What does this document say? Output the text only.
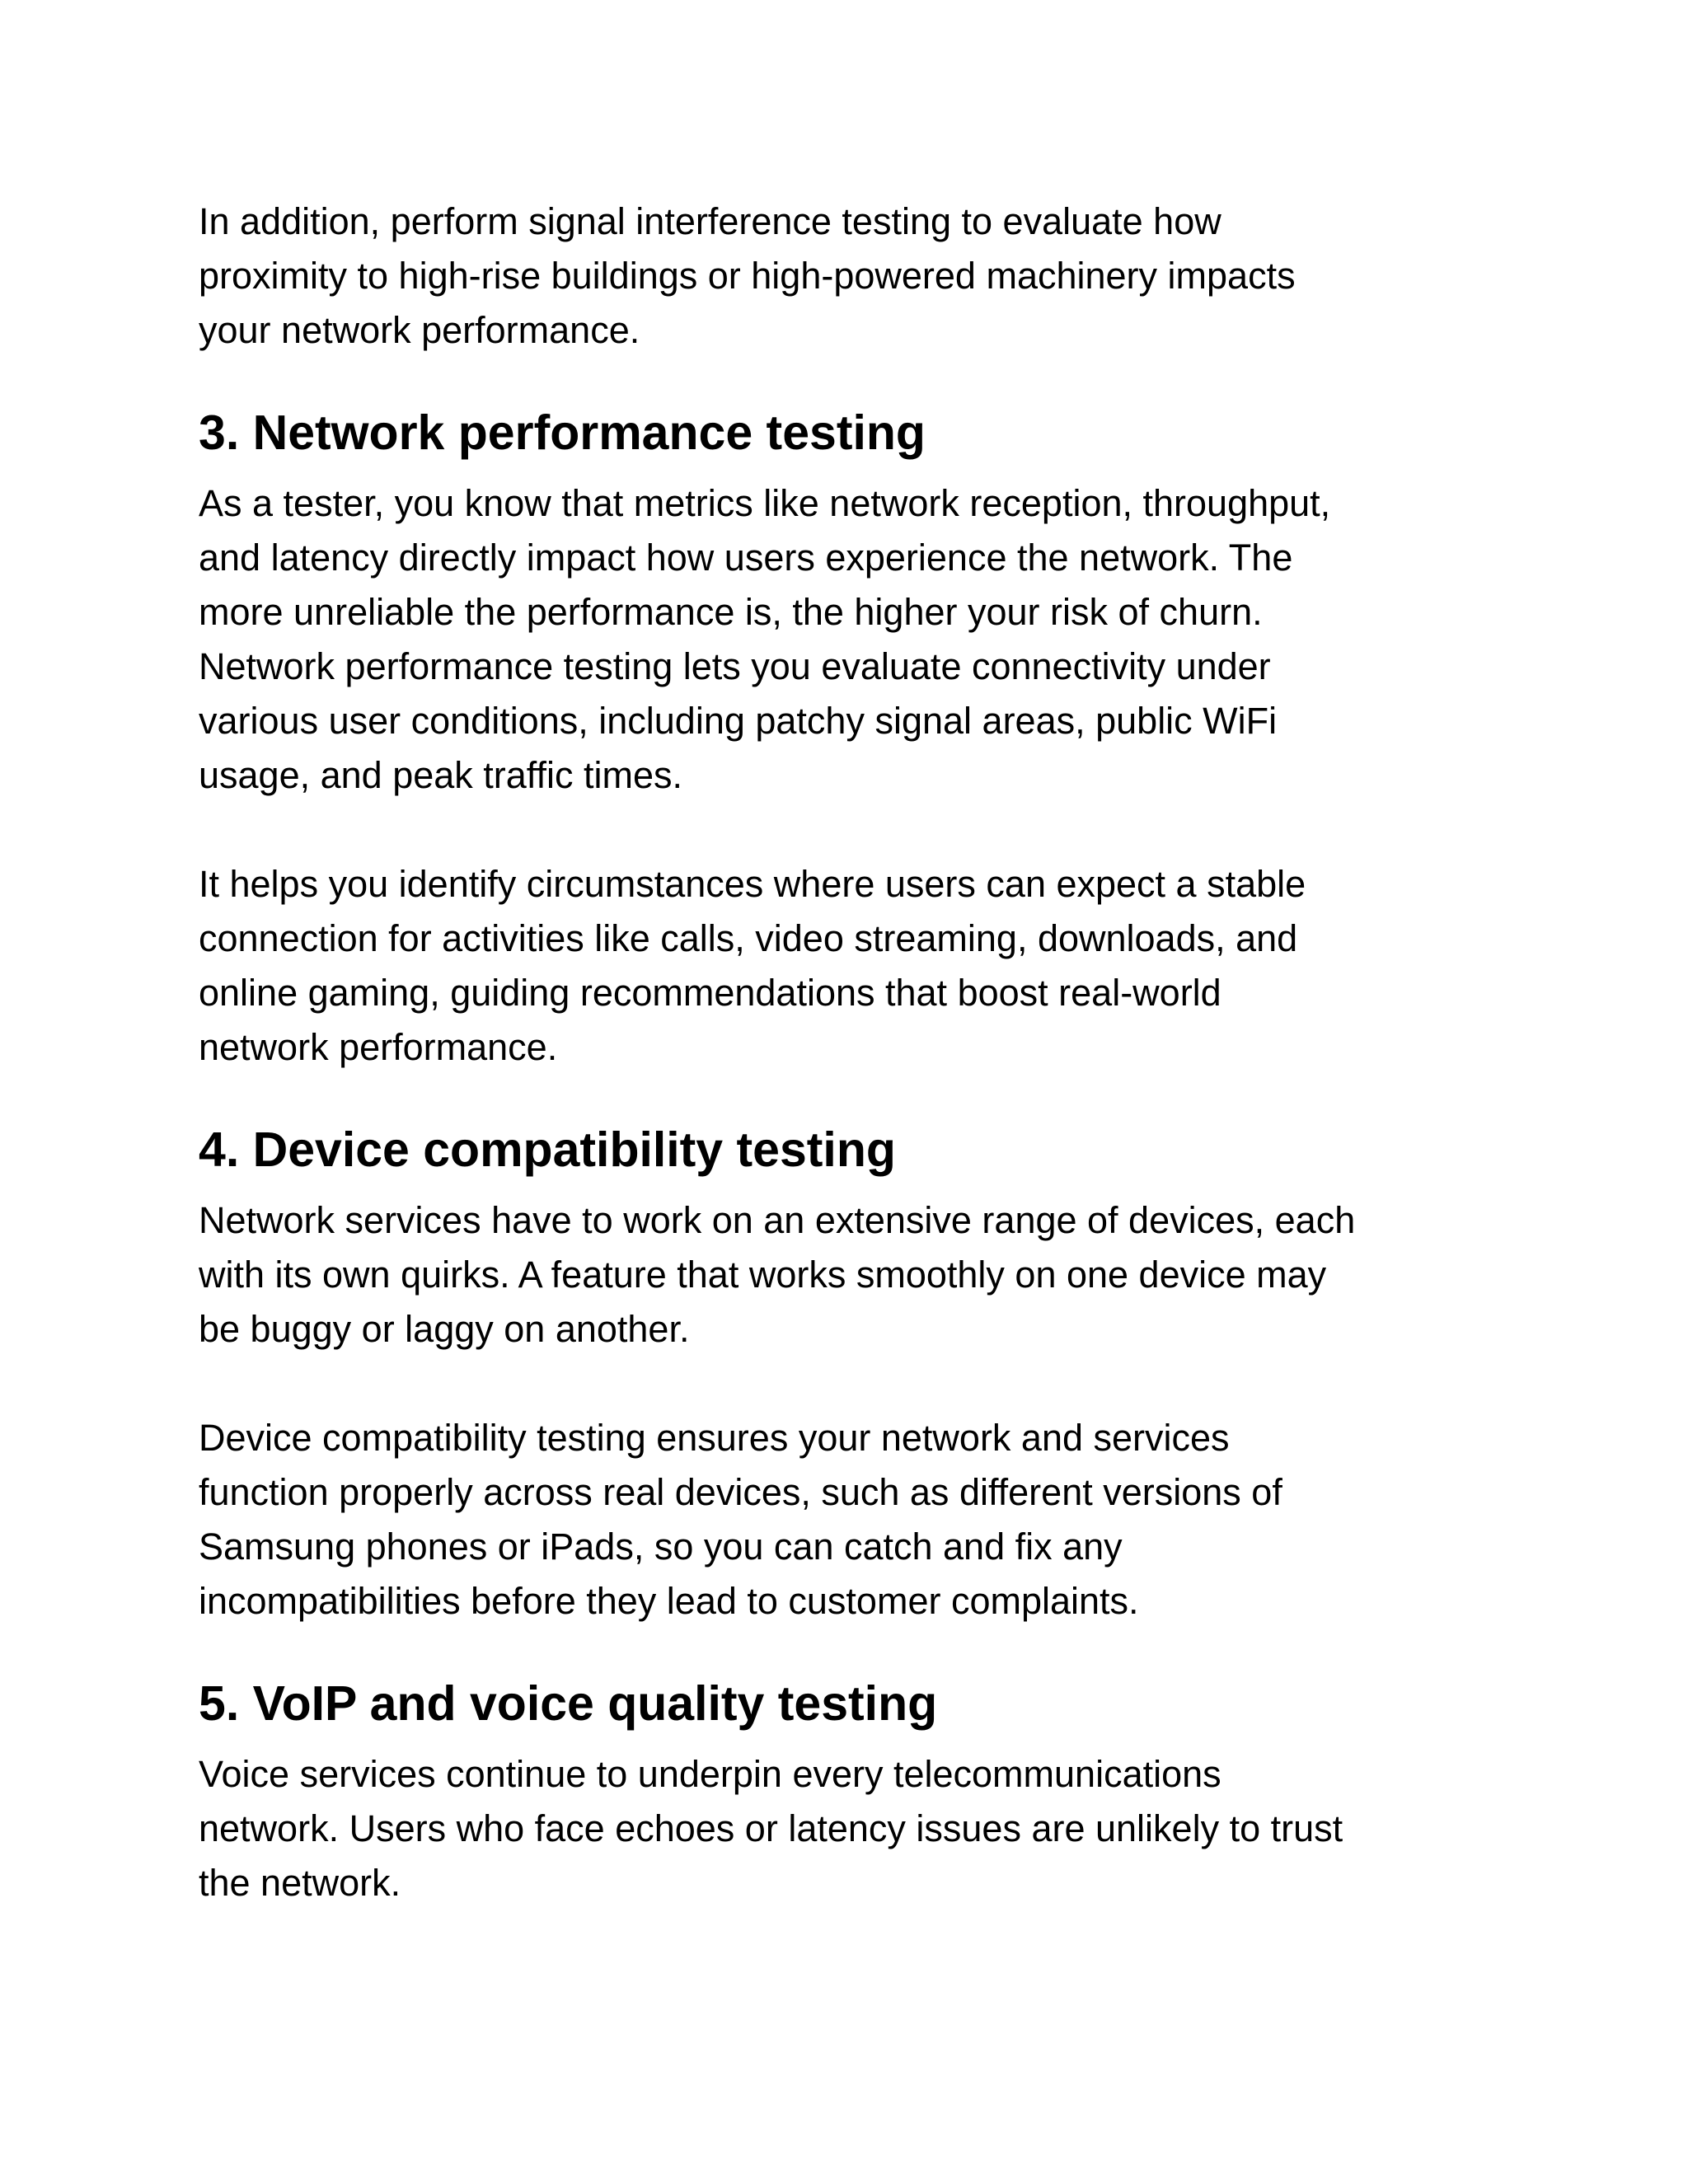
In addition, perform signal interference testing to evaluate how
proximity to high-rise buildings or high-powered machinery impacts
your network performance.

3. Network performance testing

As a tester, you know that metrics like network reception, throughput,
and latency directly impact how users experience the network. The
more unreliable the performance is, the higher your risk of churn.
Network performance testing lets you evaluate connectivity under
various user conditions, including patchy signal areas, public WiFi
usage, and peak traffic times.

It helps you identify circumstances where users can expect a stable
connection for activities like calls, video streaming, downloads, and
online gaming, guiding recommendations that boost real-world
network performance.

4. Device compatibility testing

Network services have to work on an extensive range of devices, each
with its own quirks. A feature that works smoothly on one device may
be buggy or laggy on another.

Device compatibility testing ensures your network and services
function properly across real devices, such as different versions of
Samsung phones or iPads, so you can catch and fix any
incompatibilities before they lead to customer complaints.

5. VoIP and voice quality testing

Voice services continue to underpin every telecommunications
network. Users who face echoes or latency issues are unlikely to trust
the network.
